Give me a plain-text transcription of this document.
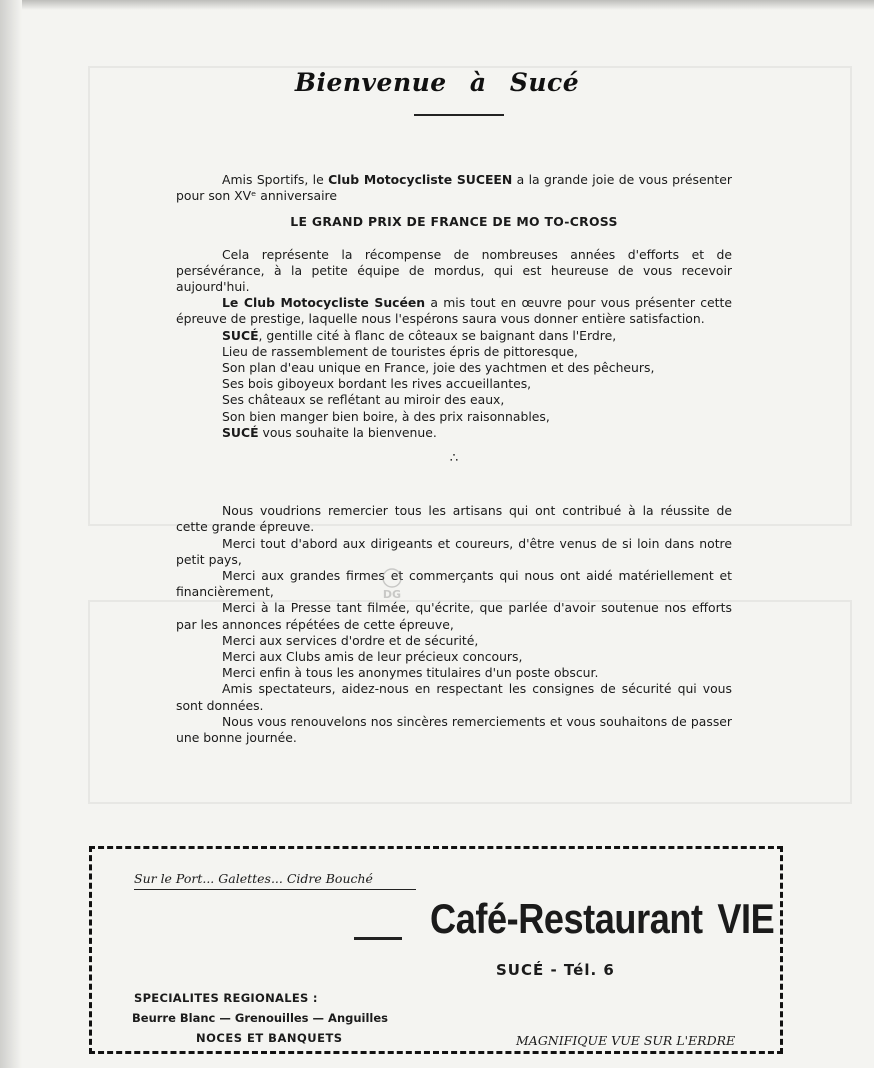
Bienvenue à Sucé

Amis Sportifs, le Club Motocycliste SUCEEN a la grande joie de vous présenter pour son XVᵉ anniversaire

LE GRAND PRIX DE FRANCE DE MO TO-CROSS

Cela représente la récompense de nombreuses années d'efforts et de persévérance, à la petite équipe de mordus, qui est heureuse de vous recevoir aujourd'hui.

Le Club Motocycliste Sucéen a mis tout en œuvre pour vous présenter cette épreuve de prestige, laquelle nous l'espérons saura vous donner entière satisfaction.

SUCÉ, gentille cité à flanc de côteaux se baignant dans l'Erdre,

Lieu de rassemblement de touristes épris de pittoresque,

Son plan d'eau unique en France, joie des yachtmen et des pêcheurs,

Ses bois giboyeux bordant les rives accueillantes,

Ses châteaux se reflétant au miroir des eaux,

Son bien manger bien boire, à des prix raisonnables,

SUCÉ vous souhaite la bienvenue.

∴

Nous voudrions remercier tous les artisans qui ont contribué à la réussite de cette grande épreuve.

Merci tout d'abord aux dirigeants et coureurs, d'être venus de si loin dans notre petit pays,

Merci aux grandes firmes et commerçants qui nous ont aidé matériellement et financièrement,

Merci à la Presse tant filmée, qu'écrite, que parlée d'avoir soutenue nos efforts par les annonces répétées de cette épreuve,

Merci aux services d'ordre et de sécurité,

Merci aux Clubs amis de leur précieux concours,

Merci enfin à tous les anonymes titulaires d'un poste obscur.

Amis spectateurs, aidez-nous en respectant les consignes de sécurité qui vous sont données.

Nous vous renouvelons nos sincères remerciements et vous souhaitons de passer une bonne journée.

DG
Sur le Port... Galettes... Cidre Bouché
Café-Restaurant VIE
SUCÉ - Tél. 6
SPECIALITES REGIONALES :
Beurre Blanc — Grenouilles — Anguilles
NOCES ET BANQUETS	MAGNIFIQUE VUE SUR L'ERDRE
